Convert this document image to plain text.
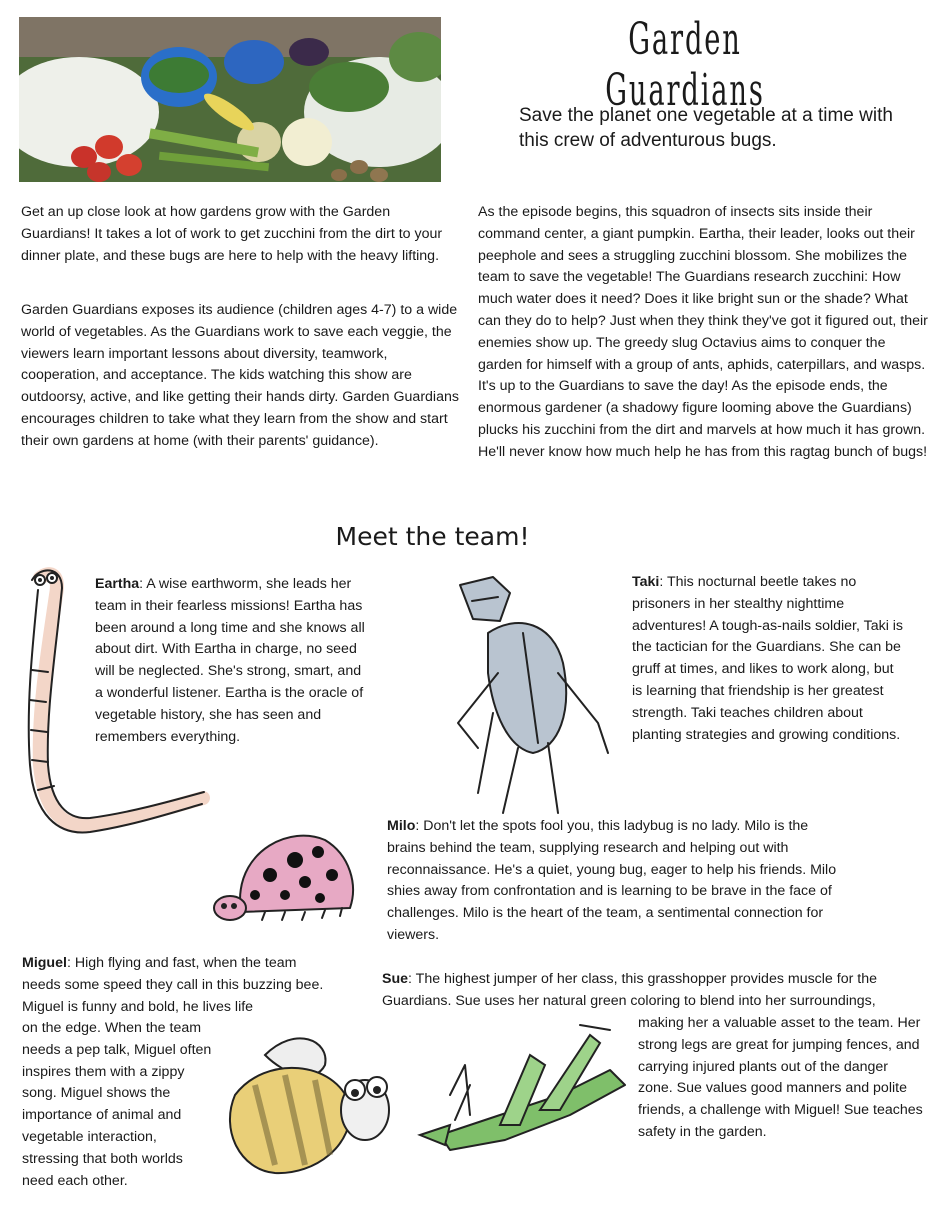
Garden Guardians
Save the planet one vegetable at a time with this crew of adventurous bugs.

Get an up close look at how gardens grow with the Garden Guardians! It takes a lot of work to get zucchini from the dirt to your dinner plate, and these bugs are here to help with the heavy lifting.

Garden Guardians exposes its audience (children ages 4-7) to a wide world of vegetables. As the Guardians work to save each veggie, the viewers learn important lessons about diversity, teamwork, cooperation, and acceptance. The kids watching this show are outdoorsy, active, and like getting their hands dirty. Garden Guardians encourages children to take what they learn from the show and start their own gardens at home (with their parents' guidance).

As the episode begins, this squadron of insects sits inside their command center, a giant pumpkin. Eartha, their leader, looks out their peephole and sees a struggling zucchini blossom. She mobilizes the team to save the vegetable! The Guardians research zucchini: How much water does it need? Does it like bright sun or the shade? What can they do to help? Just when they think they've got it figured out, their enemies show up. The greedy slug Octavius aims to conquer the garden for himself with a group of ants, aphids, caterpillars, and wasps. It's up to the Guardians to save the day! As the episode ends, the enormous gardener (a shadowy figure looming above the Guardians) plucks his zucchini from the dirt and marvels at how much it has grown. He'll never know how much help he has from this ragtag bunch of bugs!

Meet the team!

Eartha: A wise earthworm, she leads her team in their fearless missions! Eartha has been around a long time and she knows all about dirt. With Eartha in charge, no seed will be neglected. She's strong, smart, and a wonderful listener. Eartha is the oracle of vegetable history, she has seen and remembers everything.

Taki: This nocturnal beetle takes no prisoners in her stealthy nighttime adventures! A tough-as-nails soldier, Taki is the tactician for the Guardians. She can be gruff at times, and likes to work along, but is learning that friendship is her greatest strength. Taki teaches children about planting strategies and growing conditions.

Milo: Don't let the spots fool you, this ladybug is no lady. Milo is the brains behind the team, supplying research and helping out with reconnaissance. He's a quiet, young bug, eager to help his friends. Milo shies away from confrontation and is learning to be brave in the face of challenges. Milo is the heart of the team, a sentimental connection for viewers.

Miguel: High flying and fast, when the team needs some speed they call in this buzzing bee. Miguel is funny and bold, he lives life

on the edge. When the team needs a pep talk, Miguel often inspires them with a zippy song. Miguel shows the importance of animal and vegetable interaction, stressing that both worlds need each other.

Sue: The highest jumper of her class, this grasshopper provides muscle for the Guardians. Sue uses her natural green coloring to blend into her surroundings,

making her a valuable asset to the team. Her strong legs are great for jumping fences, and carrying injured plants out of the danger zone. Sue values good manners and polite friends, a challenge with Miguel! Sue teaches safety in the garden.
